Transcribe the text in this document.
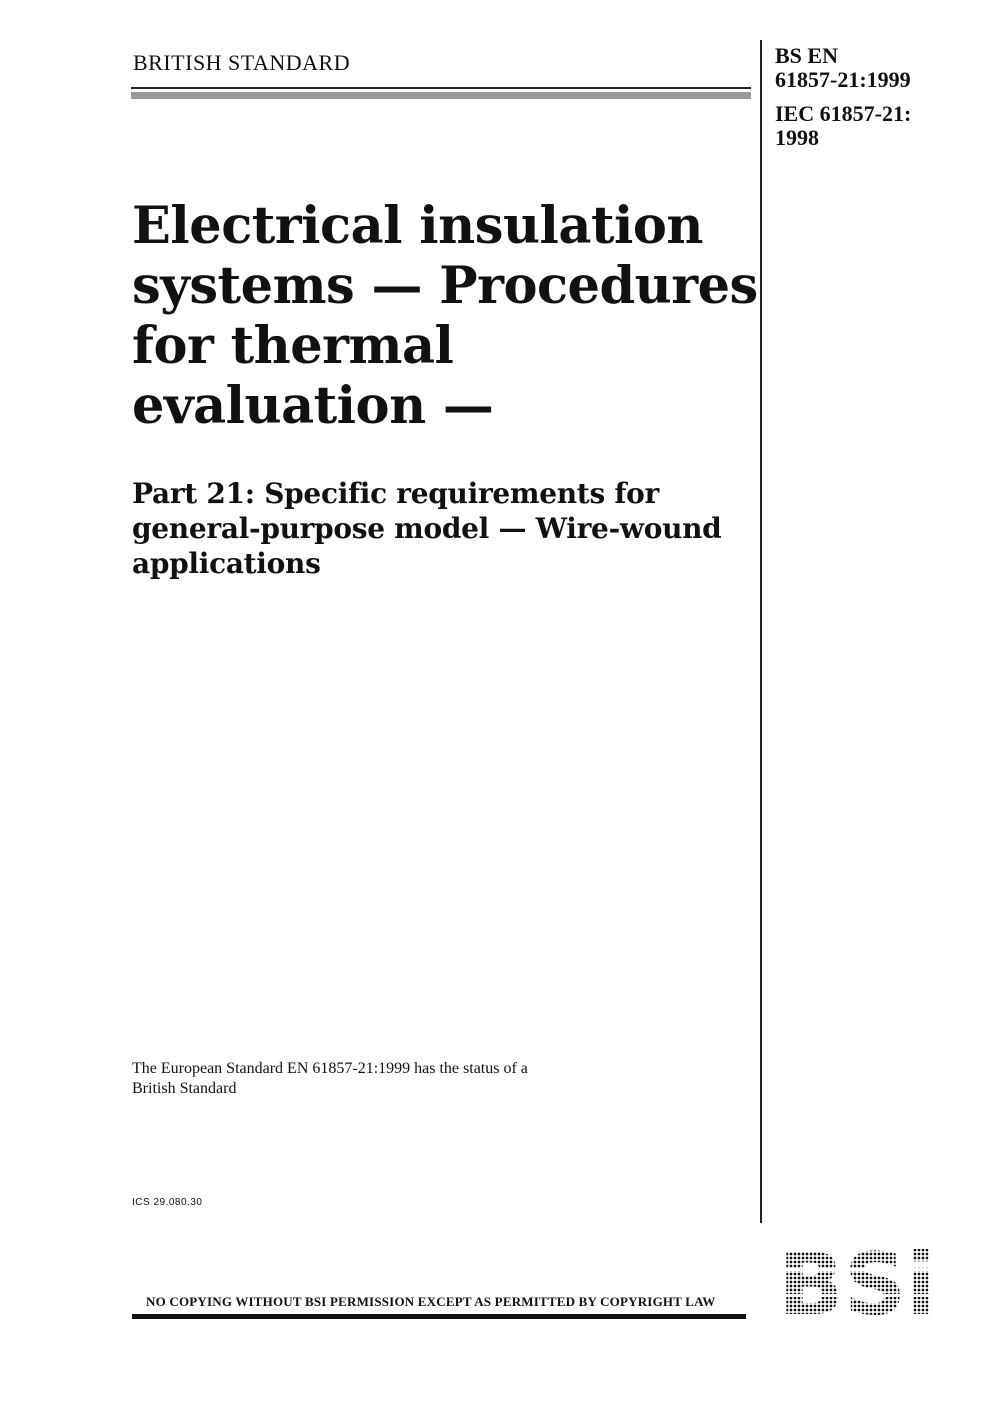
BRITISH STANDARD	BS EN
61857-21:1999
IEC 61857-21:
1998
Electrical insulation
systems — Procedures
for thermal
evaluation —
Part 21: Specific requirements for
general-purpose model — Wire-wound
applications
The European Standard EN 61857-21:1999 has the status of a
British Standard
ICS 29.080.30
NO COPYING WITHOUT BSI PERMISSION EXCEPT AS PERMITTED BY COPYRIGHT LAW
